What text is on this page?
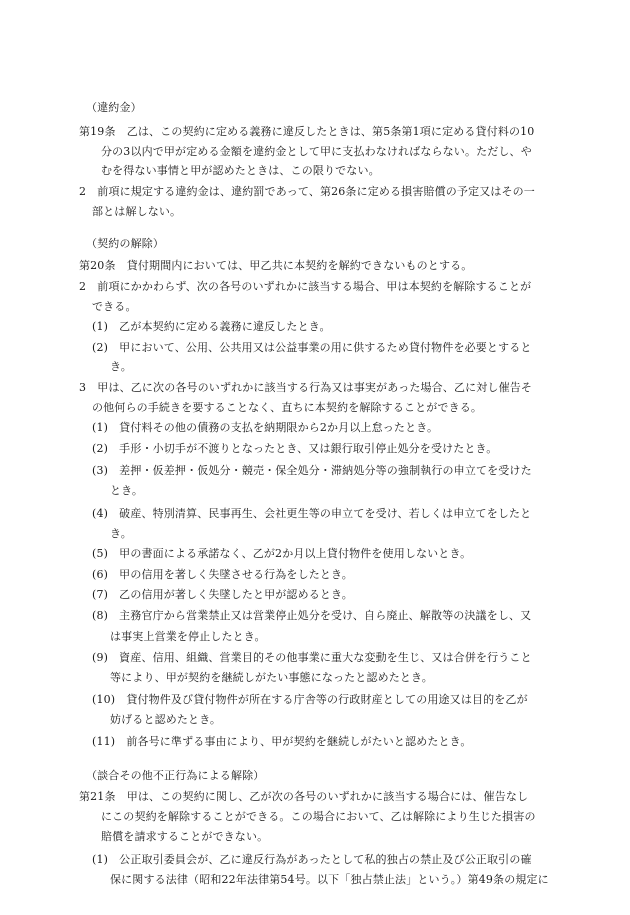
（違約金）
第19条　乙は、この契約に定める義務に違反したときは、第5条第1項に定める貸付料の10
分の3以内で甲が定める金額を違約金として甲に支払わなければならない。ただし、や
むを得ない事情と甲が認めたときは、この限りでない。
2　前項に規定する違約金は、違約罰であって、第26条に定める損害賠償の予定又はその一
部とは解しない。
（契約の解除）
第20条　貸付期間内においては、甲乙共に本契約を解約できないものとする。
2　前項にかかわらず、次の各号のいずれかに該当する場合、甲は本契約を解除することが
できる。
(1)　乙が本契約に定める義務に違反したとき。
(2)　甲において、公用、公共用又は公益事業の用に供するため貸付物件を必要とすると
き。
3　甲は、乙に次の各号のいずれかに該当する行為又は事実があった場合、乙に対し催告そ
の他何らの手続きを要することなく、直ちに本契約を解除することができる。
(1)　貸付料その他の債務の支払を納期限から2か月以上怠ったとき。
(2)　手形・小切手が不渡りとなったとき、又は銀行取引停止処分を受けたとき。
(3)　差押・仮差押・仮処分・競売・保全処分・滞納処分等の強制執行の申立てを受けた
とき。
(4)　破産、特別清算、民事再生、会社更生等の申立てを受け、若しくは申立てをしたと
き。
(5)　甲の書面による承諾なく、乙が2か月以上貸付物件を使用しないとき。
(6)　甲の信用を著しく失墜させる行為をしたとき。
(7)　乙の信用が著しく失墜したと甲が認めるとき。
(8)　主務官庁から営業禁止又は営業停止処分を受け、自ら廃止、解散等の決議をし、又
は事実上営業を停止したとき。
(9)　資産、信用、組織、営業目的その他事業に重大な変動を生じ、又は合併を行うこと
等により、甲が契約を継続しがたい事態になったと認めたとき。
(10)　貸付物件及び貸付物件が所在する庁舎等の行政財産としての用途又は目的を乙が
妨げると認めたとき。
(11)　前各号に準ずる事由により、甲が契約を継続しがたいと認めたとき。
（談合その他不正行為による解除）
第21条　甲は、この契約に関し、乙が次の各号のいずれかに該当する場合には、催告なし
にこの契約を解除することができる。この場合において、乙は解除により生じた損害の
賠償を請求することができない。
(1)　公正取引委員会が、乙に違反行為があったとして私的独占の禁止及び公正取引の確
保に関する法律（昭和22年法律第54号。以下「独占禁止法」という。）第49条の規定に
